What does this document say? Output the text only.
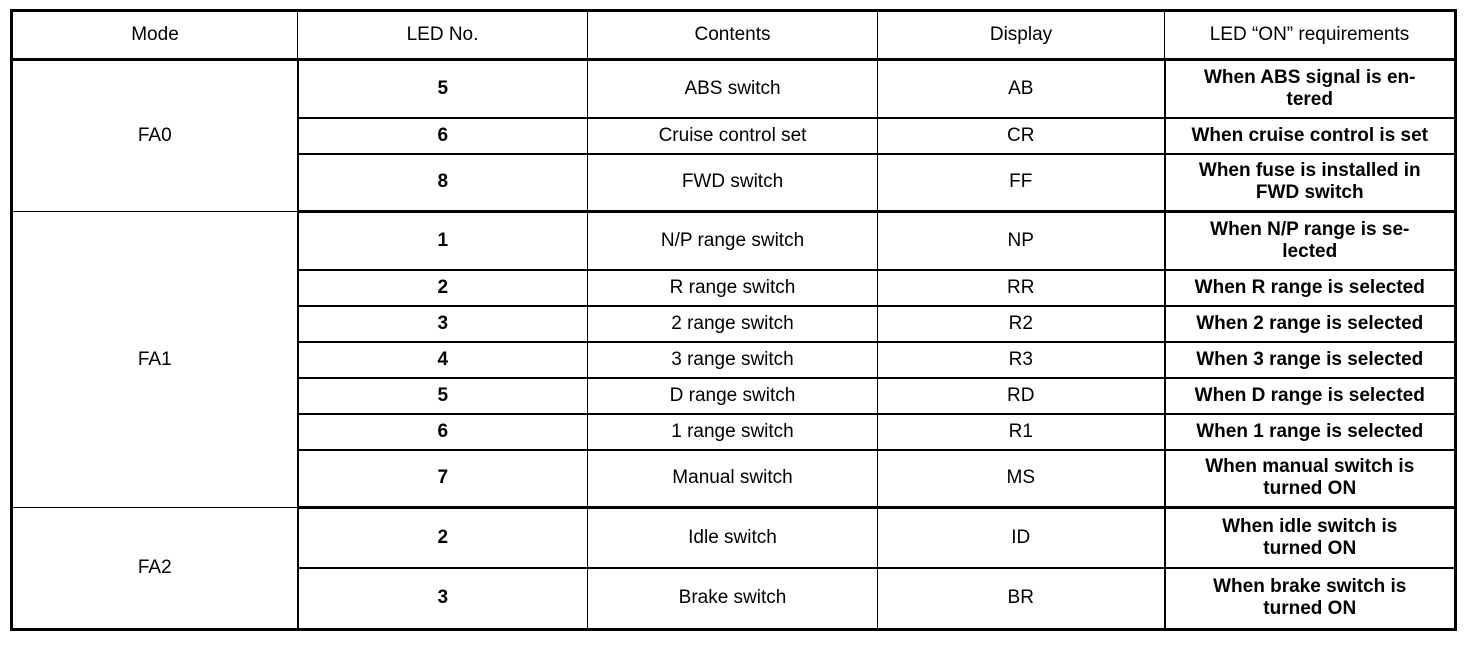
Mode	LED No.	Contents	Display	LED “ON” requirements
FA0	5	ABS switch	AB	When ABS signal is en-
tered
	6	Cruise control set	CR	When cruise control is set
	8	FWD switch	FF	When fuse is installed in
FWD switch
FA1	1	N/P range switch	NP	When N/P range is se-
lected
	2	R range switch	RR	When R range is selected
	3	2 range switch	R2	When 2 range is selected
	4	3 range switch	R3	When 3 range is selected
	5	D range switch	RD	When D range is selected
	6	1 range switch	R1	When 1 range is selected
	7	Manual switch	MS	When manual switch is
turned ON
FA2	2	Idle switch	ID	When idle switch is
turned ON
	3	Brake switch	BR	When brake switch is
turned ON
